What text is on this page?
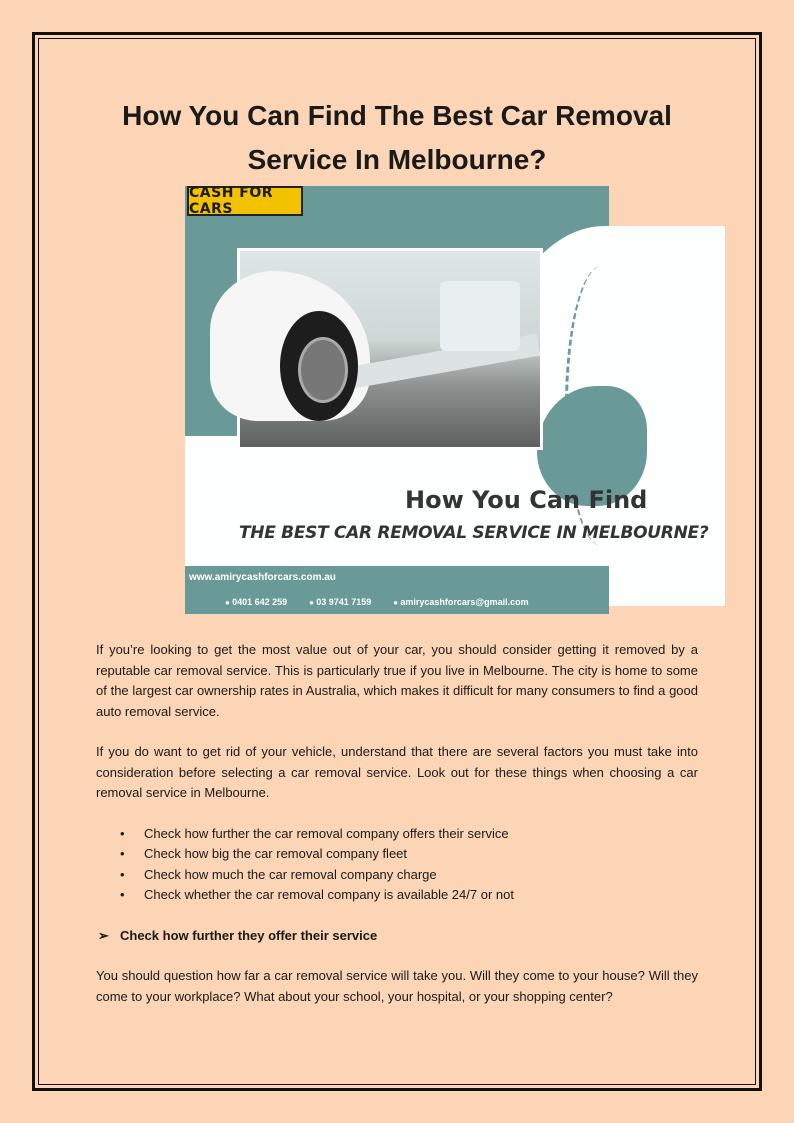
How You Can Find The Best Car Removal
Service In Melbourne?
CASH FOR CARS
How You Can Find
THE BEST CAR REMOVAL SERVICE IN MELBOURNE?
www.amirycashforcars.com.au
● 0401 642 259	● 03 9741 7159	● amirycashforcars@gmail.com

If you’re looking to get the most value out of your car, you should consider getting it removed by a reputable car removal service. This is particularly true if you live in Melbourne. The city is home to some of the largest car ownership rates in Australia, which makes it difficult for many consumers to find a good auto removal service.

If you do want to get rid of your vehicle, understand that there are several factors you must take into consideration before selecting a car removal service. Look out for these things when choosing a car removal service in Melbourne.

• Check how further the car removal company offers their service
• Check how big the car removal company fleet
• Check how much the car removal company charge
• Check whether the car removal company is available 24/7 or not
➢ Check how further they offer their service

You should question how far a car removal service will take you. Will they come to your house? Will they come to your workplace? What about your school, your hospital, or your shopping center?
